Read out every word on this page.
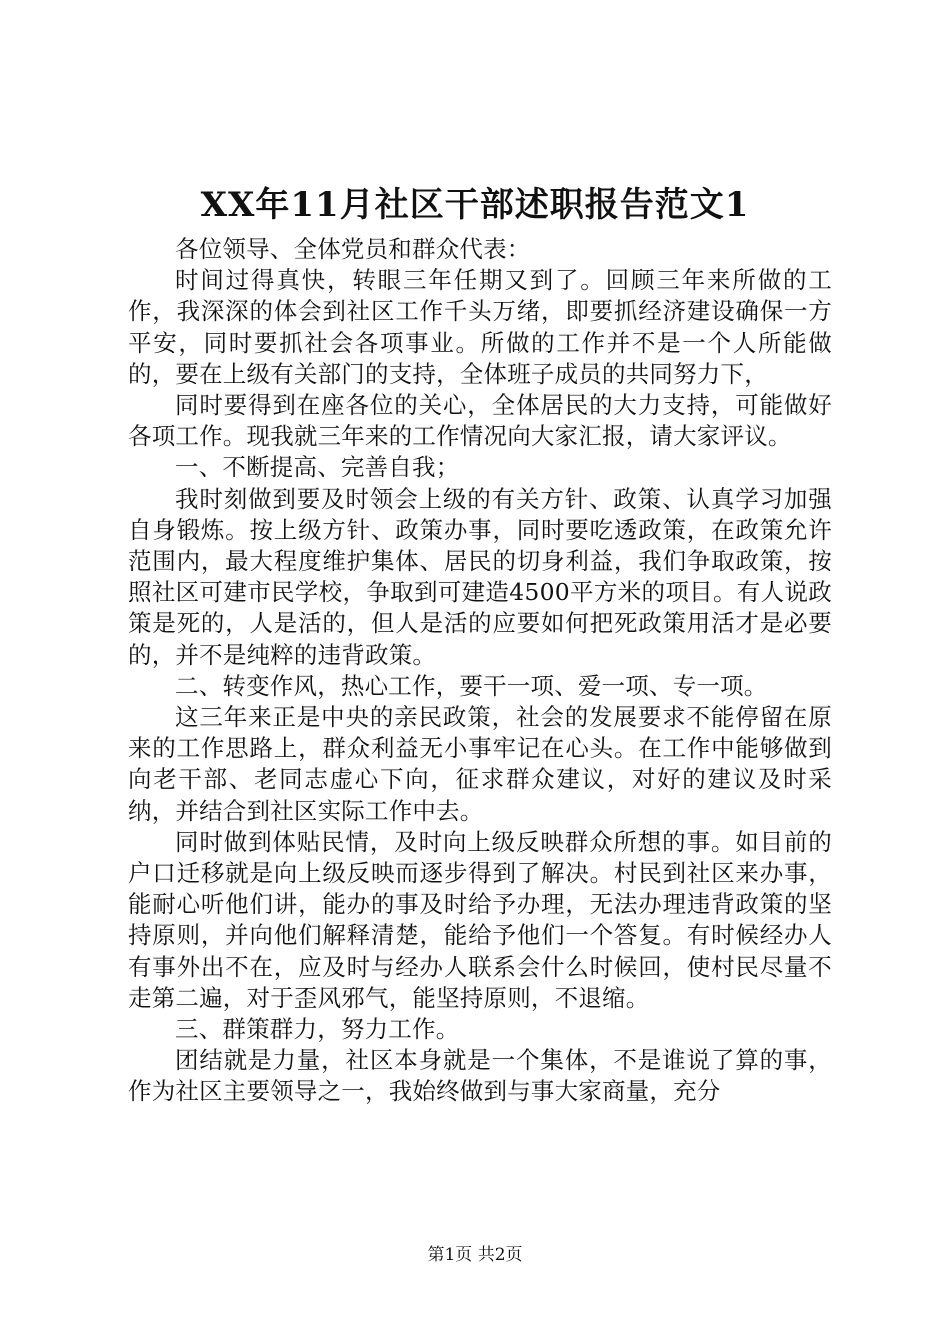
XX年11月社区干部述职报告范文1

各位领导、全体党员和群众代表：

时间过得真快，转眼三年任期又到了。回顾三年来所做的工作，我深深的体会到社区工作千头万绪，即要抓经济建设确保一方平安，同时要抓社会各项事业。所做的工作并不是一个人所能做的，要在上级有关部门的支持，全体班子成员的共同努力下，

同时要得到在座各位的关心，全体居民的大力支持，可能做好各项工作。现我就三年来的工作情况向大家汇报，请大家评议。

一、不断提高、完善自我；

我时刻做到要及时领会上级的有关方针、政策、认真学习加强自身锻炼。按上级方针、政策办事，同时要吃透政策，在政策允许范围内，最大程度维护集体、居民的切身利益，我们争取政策，按照社区可建市民学校，争取到可建造4500平方米的项目。有人说政策是死的，人是活的，但人是活的应要如何把死政策用活才是必要的，并不是纯粹的违背政策。

二、转变作风，热心工作，要干一项、爱一项、专一项。

这三年来正是中央的亲民政策，社会的发展要求不能停留在原来的工作思路上，群众利益无小事牢记在心头。在工作中能够做到向老干部、老同志虚心下向，征求群众建议，对好的建议及时采纳，并结合到社区实际工作中去。

同时做到体贴民情，及时向上级反映群众所想的事。如目前的户口迁移就是向上级反映而逐步得到了解决。村民到社区来办事，能耐心听他们讲，能办的事及时给予办理，无法办理违背政策的坚持原则，并向他们解释清楚，能给予他们一个答复。有时候经办人有事外出不在，应及时与经办人联系会什么时候回，使村民尽量不走第二遍，对于歪风邪气，能坚持原则，不退缩。

三、群策群力，努力工作。

团结就是力量，社区本身就是一个集体，不是谁说了算的事，作为社区主要领导之一，我始终做到与事大家商量，充分

第1页 共2页
